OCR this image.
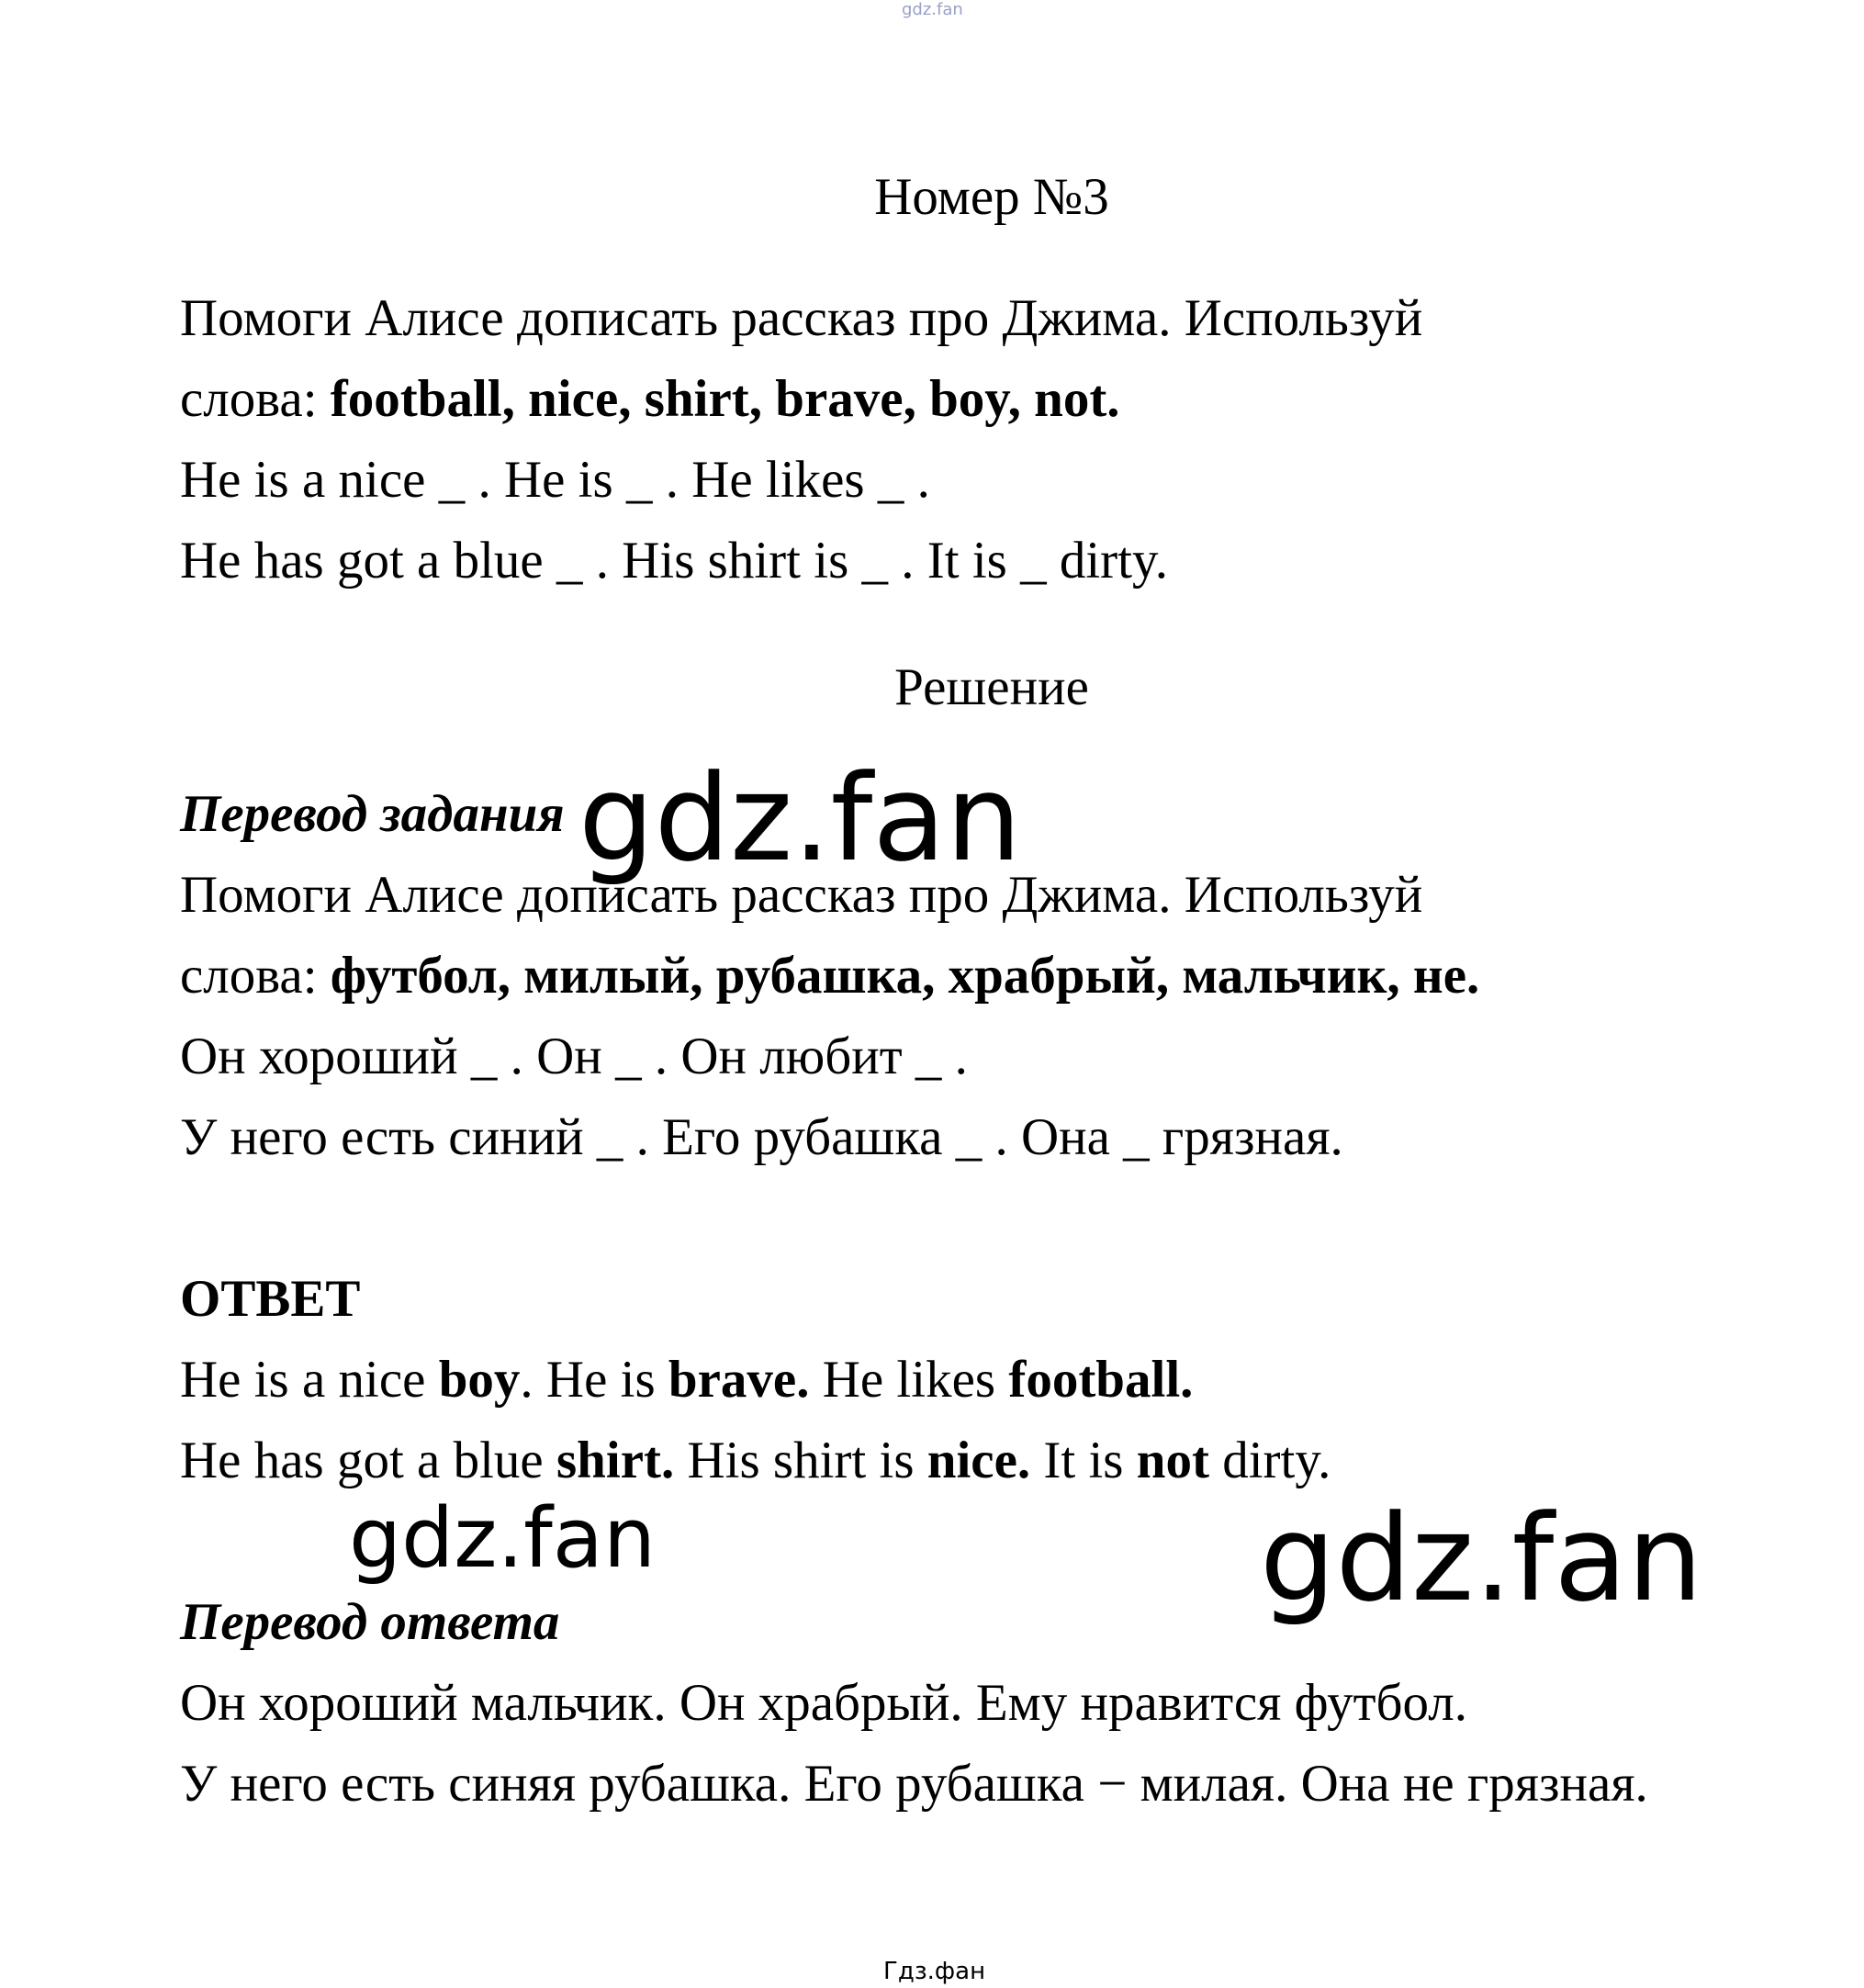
gdz.fan
Номер №3
Помоги Алисе дописать рассказ про Джима. Используй
слова: football, nice, shirt, brave, boy, not.
He is a nice _ . He is _ . He likes _ .
He has got a blue _ . His shirt is _ . It is _ dirty.
Решение
Перевод задания
Помоги Алисе дописать рассказ про Джима. Используй
слова: футбол, милый, рубашка, храбрый, мальчик, не.
Он хороший _ . Он _ . Он любит _ .
У него есть синий _ . Его рубашка _ . Она _ грязная.
ОТВЕТ
He is a nice boy. He is brave. He likes football.
He has got a blue shirt. His shirt is nice. It is not dirty.
Перевод ответа
Он хороший мальчик. Он храбрый. Ему нравится футбол.
У него есть синяя рубашка. Его рубашка − милая. Она не грязная.
gdz.fan
gdz.fan	gdz.fan
Гдз.фан
